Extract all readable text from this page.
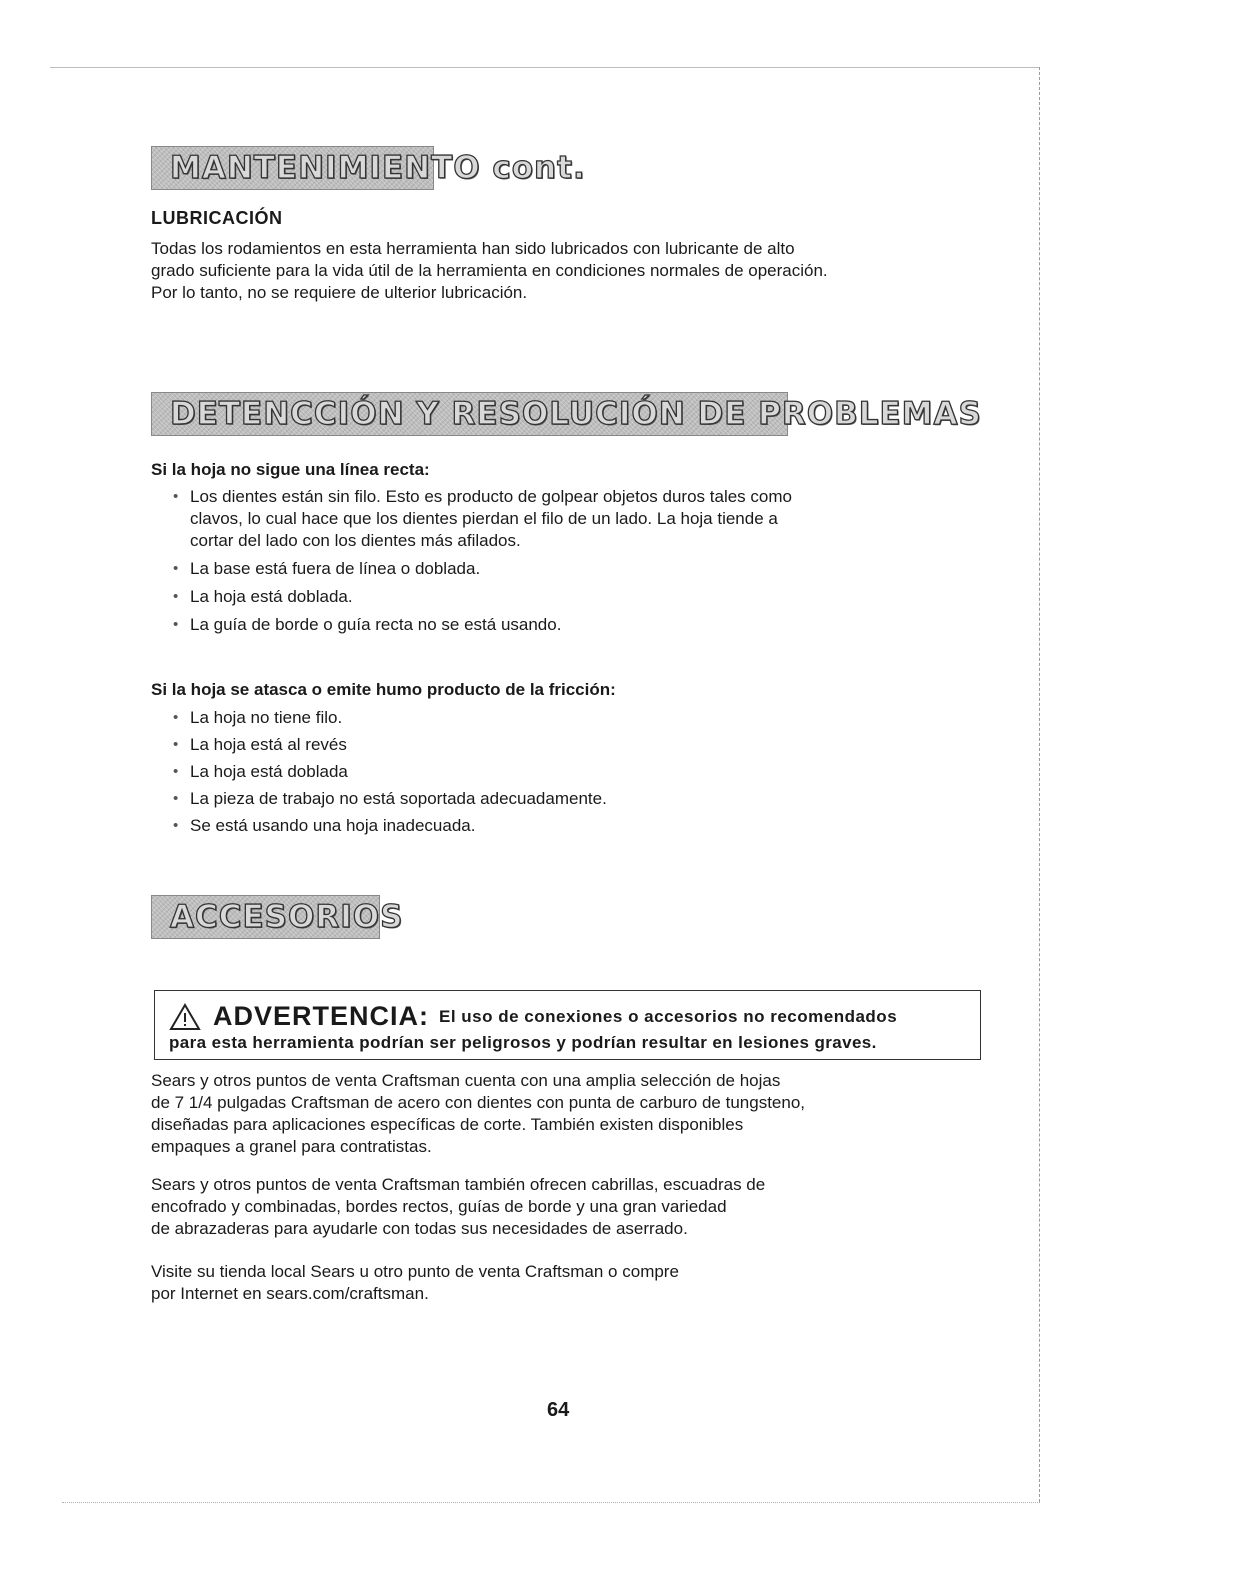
MANTENIMIENTO cont.
LUBRICACIÓN
Todas los rodamientos en esta herramienta han sido lubricados con lubricante de alto
grado suficiente para la vida útil de la herramienta en condiciones normales de operación.
Por lo tanto, no se requiere de ulterior lubricación.
DETENCCIÓN Y RESOLUCIÓN DE PROBLEMAS
Si la hoja no sigue una línea recta:
• Los dientes están sin filo. Esto es producto de golpear objetos duros tales como
clavos, lo cual hace que los dientes pierdan el filo de un lado. La hoja tiende a
cortar del lado con los dientes más afilados.
• La base está fuera de línea o doblada.
• La hoja está doblada.
• La guía de borde o guía recta no se está usando.
Si la hoja se atasca o emite humo producto de la fricción:
• La hoja no tiene filo.
• La hoja está al revés
• La hoja está doblada
• La pieza de trabajo no está soportada adecuadamente.
• Se está usando una hoja inadecuada.
ACCESORIOS
ADVERTENCIA: El uso de conexiones o accesorios no recomendados
para esta herramienta podrían ser peligrosos y podrían resultar en lesiones graves.
Sears y otros puntos de venta Craftsman cuenta con una amplia selección de hojas
de 7 1/4 pulgadas Craftsman de acero con dientes con punta de carburo de tungsteno,
diseñadas para aplicaciones específicas de corte. También existen disponibles
empaques a granel para contratistas.
Sears y otros puntos de venta Craftsman también ofrecen cabrillas, escuadras de
encofrado y combinadas, bordes rectos, guías de borde y una gran variedad
de abrazaderas para ayudarle con todas sus necesidades de aserrado.
Visite su tienda local Sears u otro punto de venta Craftsman o compre
por Internet en sears.com/craftsman.
64
